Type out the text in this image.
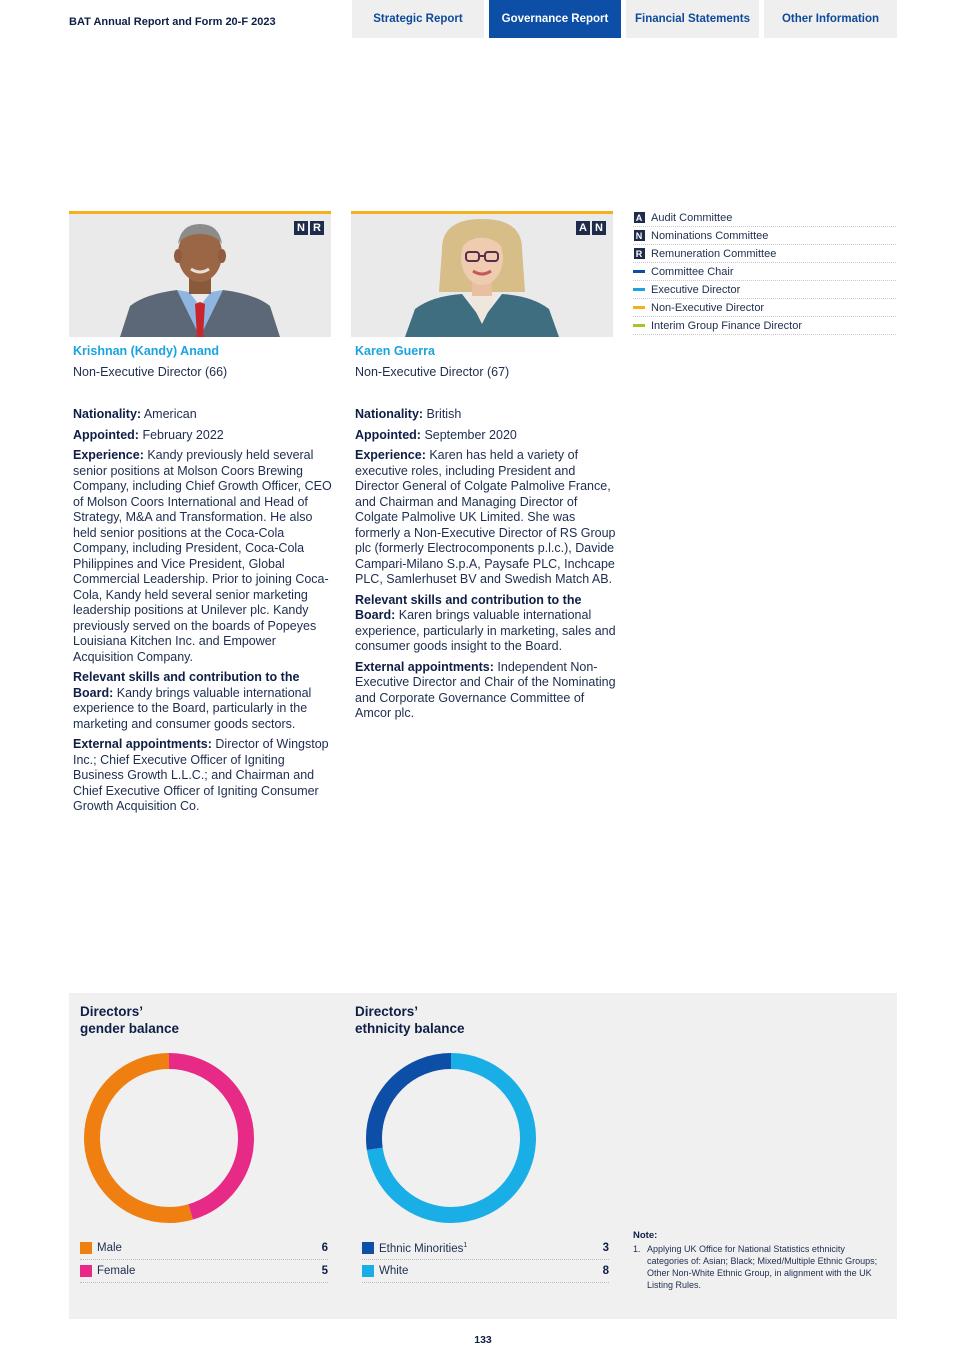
BAT Annual Report and Form 20-F 2023	Strategic Report	Governance Report	Financial Statements	Other Information
N R
Krishnan (Kandy) Anand
Non-Executive Director (66)

Nationality: American

Appointed: February 2022

Experience: Kandy previously held several senior positions at Molson Coors Brewing Company, including Chief Growth Officer, CEO of Molson Coors International and Head of Strategy, M&A and Transformation. He also held senior positions at the Coca-Cola Company, including President, Coca-Cola Philippines and Vice President, Global Commercial Leadership. Prior to joining Coca-Cola, Kandy held several senior marketing leadership positions at Unilever plc. Kandy previously served on the boards of Popeyes Louisiana Kitchen Inc. and Empower Acquisition Company.

Relevant skills and contribution to the Board: Kandy brings valuable international experience to the Board, particularly in the marketing and consumer goods sectors.

External appointments: Director of Wingstop Inc.; Chief Executive Officer of Igniting Business Growth L.L.C.; and Chairman and Chief Executive Officer of Igniting Consumer Growth Acquisition Co.

A N
Karen Guerra
Non-Executive Director (67)

Nationality: British

Appointed: September 2020

Experience: Karen has held a variety of executive roles, including President and Director General of Colgate Palmolive France, and Chairman and Managing Director of Colgate Palmolive UK Limited. She was formerly a Non-Executive Director of RS Group plc (formerly Electrocomponents p.l.c.), Davide Campari-Milano S.p.A, Paysafe PLC, Inchcape PLC, Samlerhuset BV and Swedish Match AB.

Relevant skills and contribution to the Board: Karen brings valuable international experience, particularly in marketing, sales and consumer goods insight to the Board.

External appointments: Independent Non-Executive Director and Chair of the Nominating and Corporate Governance Committee of Amcor plc.

A Audit Committee
N Nominations Committee
R Remuneration Committee
Committee Chair
Executive Director
Non-Executive Director
Interim Group Finance Director
Directors’
gender balance
Directors’
ethnicity balance
Male	6
Female	5
Ethnic Minorities$^1$	3
White	8
Note:
1. Applying UK Office for National Statistics ethnicity categories of: Asian; Black; Mixed/Multiple Ethnic Groups; Other Non-White Ethnic Group, in alignment with the UK Listing Rules.
133
